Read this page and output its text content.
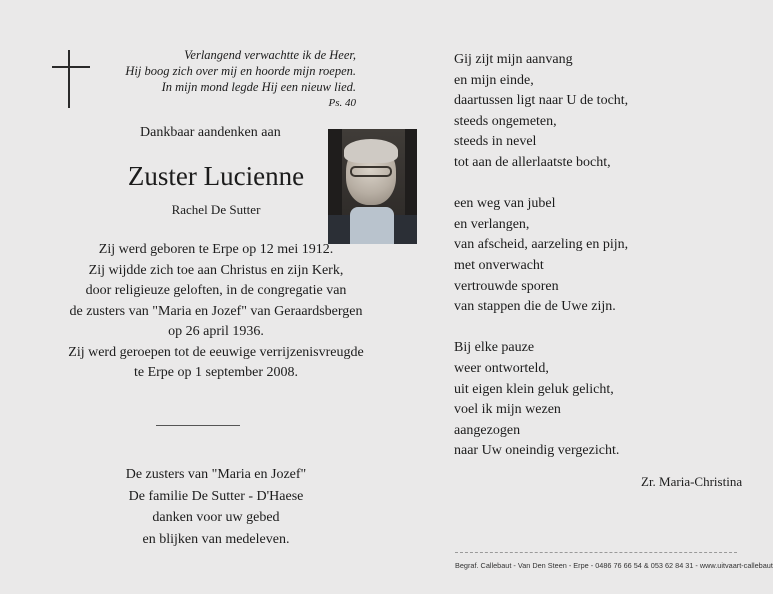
Verlangend verwachtte ik de Heer,
Hij boog zich over mij en hoorde mijn roepen.
In mijn mond legde Hij een nieuw lied.
Ps. 40
Dankbaar aandenken aan
Zuster Lucienne
Rachel De Sutter
Zij werd geboren te Erpe op 12 mei 1912.
Zij wijdde zich toe aan Christus en zijn Kerk,
door religieuze geloften, in de congregatie van
de zusters van "Maria en Jozef" van Geraardsbergen
op 26 april 1936.
Zij werd geroepen tot de eeuwige verrijzenisvreugde
te Erpe op 1 september 2008.
De zusters van "Maria en Jozef"
De familie De Sutter - D'Haese
danken voor uw gebed
en blijken van medeleven.
Gij zijt mijn aanvang
en mijn einde,
daartussen ligt naar U de tocht,
steeds ongemeten,
steeds in nevel
tot aan de allerlaatste bocht,
een weg van jubel
en verlangen,
van afscheid, aarzeling en pijn,
met onverwacht
vertrouwde sporen
van stappen die de Uwe zijn.
Bij elke pauze
weer ontworteld,
uit eigen klein geluk gelicht,
voel ik mijn wezen
aangezogen
naar Uw oneindig vergezicht.
Zr. Maria-Christina
Begraf. Callebaut - Van Den Steen - Erpe - 0486 76 66 54 & 053 62 84 31 - www.uitvaart-callebaut
